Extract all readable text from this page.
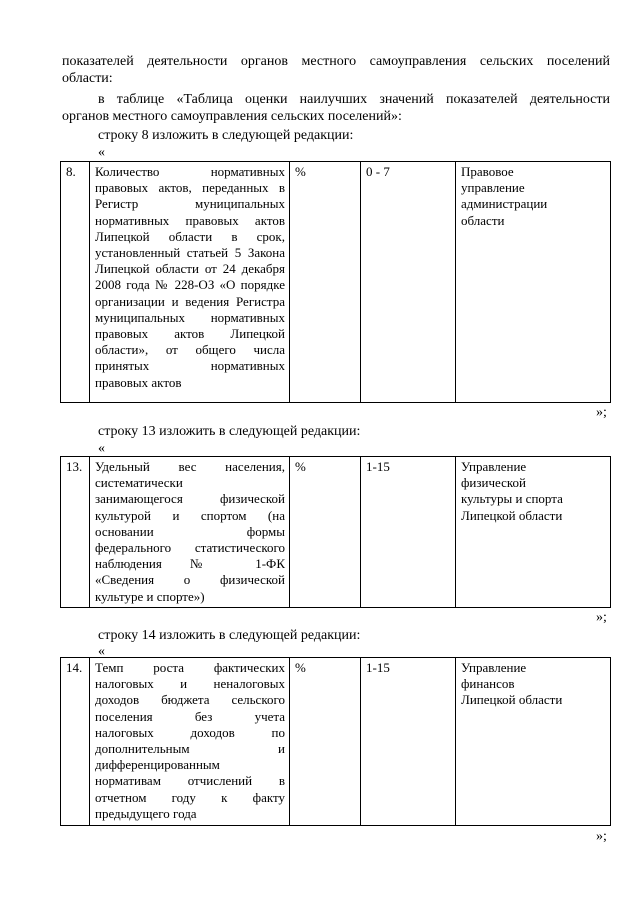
показателей деятельности органов местного самоуправления сельских поселений
области:
в таблице «Таблица оценки наилучших значений показателей деятельности
органов местного самоуправления сельских поселений»:
строку 8 изложить в следующей редакции:
«
8.	Количество нормативных
правовых актов, переданных в
Регистр муниципальных
нормативных правовых актов
Липецкой области в срок,
установленный статьей 5 Закона
Липецкой области от 24 декабря
2008 года № 228-ОЗ «О порядке
организации и ведения Регистра
муниципальных нормативных
правовых актов Липецкой
области», от общего числа
принятых нормативных
правовых актов
	%	0 - 7	Правовое
управление
администрации
области
»;
строку 13 изложить в следующей редакции:
«
13.	Удельный вес населения,
систематически
занимающегося физической
культурой и спортом (на
основании формы
федерального статистического
наблюдения № 1-ФК
«Сведения о физической
культуре и спорте»)
	%	1-15	Управление
физической
культуры и спорта
Липецкой области
»;
строку 14 изложить в следующей редакции:
«
14.	Темп роста фактических
налоговых и неналоговых
доходов бюджета сельского
поселения без учета
налоговых доходов по
дополнительным и
дифференцированным
нормативам отчислений в
отчетном году к факту
предыдущего года
	%	1-15	Управление
финансов
Липецкой области
»;
